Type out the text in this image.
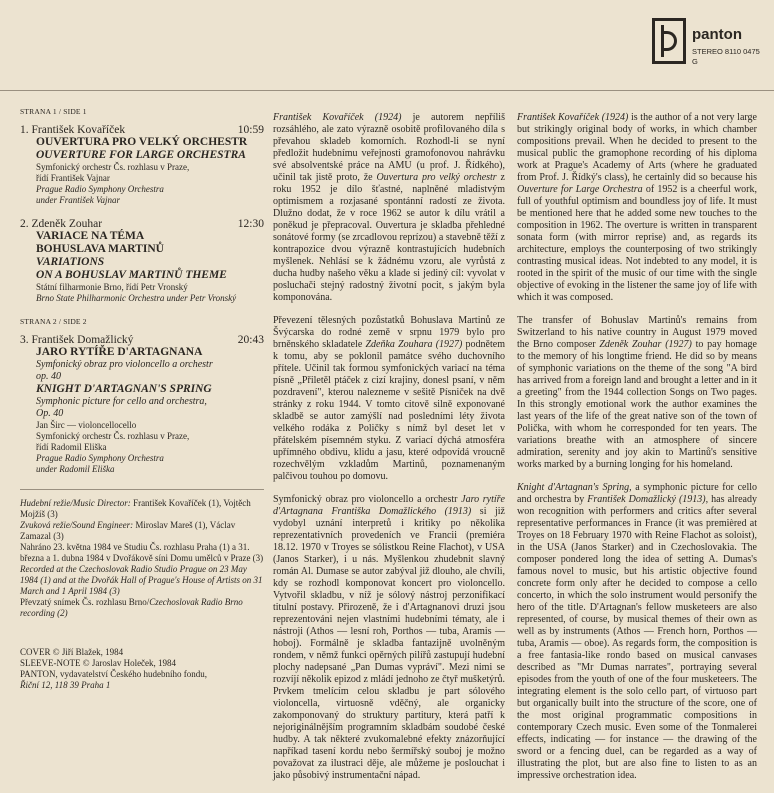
panton
STEREO 8110 0475
G
STRANA 1 / SIDE 1
1. František Kovaříček	10:59
OUVERTURA PRO VELKÝ ORCHESTR
OUVERTURE FOR LARGE ORCHESTRA
Symfonický orchestr Čs. rozhlasu v Praze,
řídí František Vajnar
Prague Radio Symphony Orchestra
under František Vajnar
2. Zdeněk Zouhar	12:30
VARIACE NA TÉMA
BOHUSLAVA MARTINŮ
VARIATIONS
ON A BOHUSLAV MARTINŮ THEME
Státní filharmonie Brno, řídí Petr Vronský
Brno State Philharmonic Orchestra under Petr Vronský
STRANA 2 / SIDE 2
3. František Domažlický	20:43
JARO RYTÍŘE D'ARTAGNANA
Symfonický obraz pro violoncello a orchestr
op. 40
KNIGHT D'ARTAGNAN'S SPRING
Symphonic picture for cello and orchestra,
Op. 40
Jan Širc — violoncellocello
Symfonický orchestr Čs. rozhlasu v Praze,
řídí Radomil Eliška
Prague Radio Symphony Orchestra
under Radomil Eliška
Hudební režie/Music Director: František Kovaříček (1), Vojtěch Mojžíš (3)
Zvuková režie/Sound Engineer: Miroslav Mareš (1), Václav Zamazal (3)
Nahráno 23. května 1984 ve Studiu Čs. rozhlasu Praha (1) a 31. března a 1. dubna 1984 v Dvořákově síni Domu umělců v Praze (3)
Recorded at the Czechoslovak Radio Studio Prague on 23 May 1984 (1) and at the Dvořák Hall of Prague's House of Artists on 31 March and 1 April 1984 (3)
Převzatý snímek Čs. rozhlasu Brno/Czechoslovak Radio Brno recording (2)
COVER © Jiří Blažek, 1984
SLEEVE-NOTE © Jaroslav Holeček, 1984
PANTON, vydavatelství Českého hudebního fondu,
Řiční 12, 118 39 Praha 1

František Kovaříček (1924) je autorem nepříliš rozsáhlého, ale zato výrazně osobitě profilovaného díla s převahou skladeb komorních. Rozhodl-li se nyní předložit hudebnímu veřejnosti gramofonovou nahrávku své absolventské práce na AMU (u prof. J. Řídkého), učinil tak jistě proto, že Ouvertura pro velký orchestr z roku 1952 je dílo šťastné, naplněné mladistvým optimismem a rozjasané spontánní radostí ze života. Dlužno dodat, že v roce 1962 se autor k dílu vrátil a poněkud je přepracoval. Ouvertura je skladba přehledné sonátové formy (se zrcadlovou reprízou) a stavebně těží z kontrapozice dvou výrazně kontrastujících hudebních myšlenek. Nehlásí se k žádnému vzoru, ale vyrůstá z ducha hudby našeho věku a klade si jediný cíl: vyvolat v posluchači stejný radostný životní pocit, s jakým byla komponována.

Převezení tělesných pozůstatků Bohuslava Martinů ze Švýcarska do rodné země v srpnu 1979 bylo pro brněnského skladatele Zdeňka Zouhara (1927) podnětem k tomu, aby se poklonil památce svého duchovního přítele. Učinil tak formou symfonických variací na téma písně „Přiletěl ptáček z cizí krajiny, donesl psaní, v něm pozdravení", kterou nalezneme v sešitě Písniček na dvě stránky z roku 1944. V tomto citově silně exponované skladbě se autor zamýšlí nad posledními léty života velkého rodáka z Poličky s nímž byl deset let v přátelském písemném styku. Z variací dýchá atmosféra upřímného obdivu, klidu a jasu, které odpovídá vroucně rozechvělým vzkladům Martinů, poznamenaným palčivou touhou po domovu.

Symfonický obraz pro violoncello a orchestr Jaro rytíře d'Artagnana Františka Domažlického (1913) si již vydobyl uznání interpretů i kritiky po několika reprezentativních provedeních ve Francii (premiéra 18.12. 1970 v Troyes se sólistkou Reine Flachot), v USA (Janos Starker), i u nás. Myšlenkou zhudebnit slavný román Al. Dumase se autor zabýval již dlouho, ale chvíli, kdy se rozhodl komponovat koncert pro violoncello. Vytvořil skladbu, v níž je sólový nástroj perzonifikací titulní postavy. Přirozeně, že i d'Artagnanovi druzi jsou reprezentováni nejen vlastními hudebními tématy, ale i nástroji (Athos — lesní roh, Porthos — tuba, Aramis — hoboj). Formálně je skladba fantazijně uvolněným rondem, v němž funkci opěrných pilířů zastupují hudební plochy nadepsané „Pan Dumas vypráví". Mezi nimi se rozvíjí několik epizod z mládí jednoho ze čtyř mušketýrů. Prvkem tmelícím celou skladbu je part sólového violoncella, virtuosně vděčný, ale organicky zakomponovaný do struktury partitury, která patří k nejoriginálnějším programním skladbám soudobé české hudby. A tak některé zvukomalebné efekty znázorňující napříkad tasení kordu nebo šermířský souboj je možno považovat za ilustraci děje, ale můžeme je poslouchat i jako působivý instrumentační nápad.

František Kovaříček (1924) is the author of a not very large but strikingly original body of works, in which chamber compositions prevail. When he decided to present to the musical public the gramophone recording of his diploma work at Prague's Academy of Arts (where he graduated from Prof. J. Řídký's class), he certainly did so because his Ouverture for Large Orchestra of 1952 is a cheerful work, full of youthful optimism and boundless joy of life. It must be mentioned here that he added some new touches to the composition in 1962. The overture is written in transparent sonata form (with mirror reprise) and, as regards its architecture, employs the counterposing of two strikingly contrasting musical ideas. Not indebted to any model, it is rooted in the spirit of the music of our time with the single objective of evoking in the listener the same joy of life with which it was composed.

The transfer of Bohuslav Martinů's remains from Switzerland to his native country in August 1979 moved the Brno composer Zdeněk Zouhar (1927) to pay homage to the memory of his longtime friend. He did so by means of symphonic variations on the theme of the song "A bird has arrived from a foreign land and brought a letter and in it a greeting" from the 1944 collection Songs on Two pages. In this strongly emotional work the author examines the last years of the life of the great native son of the town of Polička, with whom he corresponded for ten years. The variations breathe with an atmosphere of sincere admiration, serenity and joy akin to Martinů's sensitive works marked by a burning longing for his homeland.

Knight d'Artagnan's Spring, a symphonic picture for cello and orchestra by František Domažlický (1913), has already won recognition with performers and critics after several representative performances in France (it was premièred at Troyes on 18 February 1970 with Reine Flachot as soloist), in the USA (Janos Starker) and in Czechoslovakia. The composer pondered long the idea of setting A. Dumas's famous novel to music, but his artistic objective found concrete form only after he decided to compose a cello concerto, in which the solo instrument would personify the hero of the title. D'Artagnan's fellow musketeers are also represented, of course, by musical themes of their own as well as by instruments (Athos — French horn, Porthos — tuba, Aramis — oboe). As regards form, the composition is a free fantasia-like rondo based on musical canvases described as "Mr Dumas narrates", portraying several episodes from the youth of one of the four musketeers. The integrating element is the solo cello part, of virtuoso part but organically built into the structure of the score, one of the most original programmatic compositions in contemporary Czech music. Even some of the Tonmalerei effects, indicating — for instance — the drawing of the sword or a fencing duel, can be regarded as a way of illustrating the plot, but are also fine to listen to as an impressive orchestration idea.
